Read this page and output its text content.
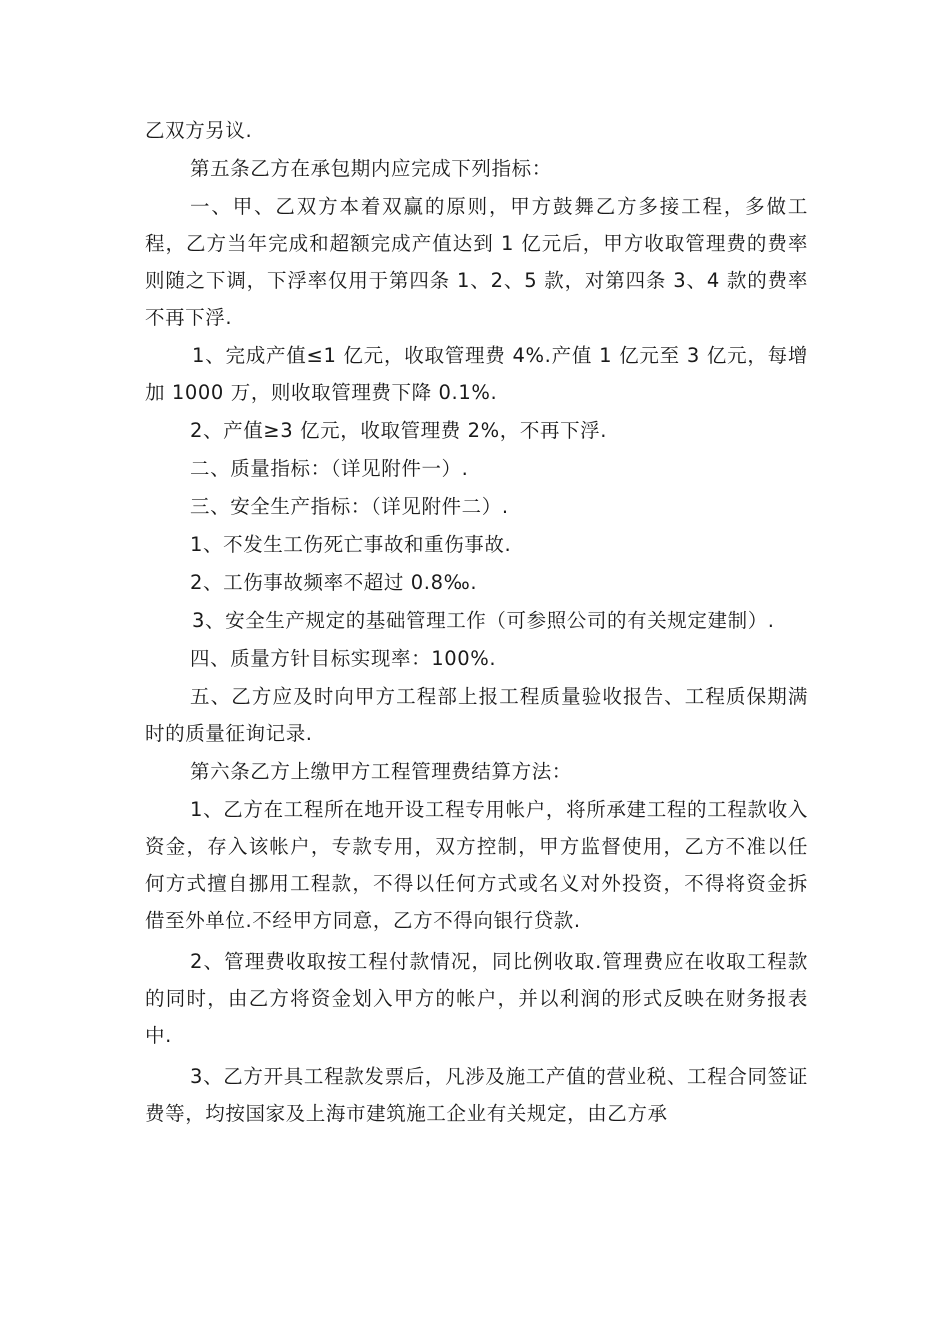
乙双方另议.

第五条乙方在承包期内应完成下列指标：

一、甲、乙双方本着双赢的原则，甲方鼓舞乙方多接工程，多做工程，乙方当年完成和超额完成产值达到 1 亿元后，甲方收取管理费的费率则随之下调，下浮率仅用于第四条 1、2、5 款，对第四条 3、4 款的费率不再下浮.

1、完成产值≤1 亿元，收取管理费 4%.产值 1 亿元至 3 亿元，每增加 1000 万，则收取管理费下降 0.1%.

2、产值≥3 亿元，收取管理费 2%，不再下浮.

二、质量指标：（详见附件一）.

三、安全生产指标：（详见附件二）.

1、不发生工伤死亡事故和重伤事故.

2、工伤事故频率不超过 0.8‰.

3、安全生产规定的基础管理工作（可参照公司的有关规定建制）.

四、质量方针目标实现率：100%.

五、乙方应及时向甲方工程部上报工程质量验收报告、工程质保期满时的质量征询记录.

第六条乙方上缴甲方工程管理费结算方法：

1、乙方在工程所在地开设工程专用帐户，将所承建工程的工程款收入资金，存入该帐户，专款专用，双方控制，甲方监督使用，乙方不准以任何方式擅自挪用工程款，不得以任何方式或名义对外投资，不得将资金拆借至外单位.不经甲方同意，乙方不得向银行贷款.

2、管理费收取按工程付款情况，同比例收取.管理费应在收取工程款的同时，由乙方将资金划入甲方的帐户，并以利润的形式反映在财务报表中.

3、乙方开具工程款发票后，凡涉及施工产值的营业税、工程合同签证费等，均按国家及上海市建筑施工企业有关规定，由乙方承
